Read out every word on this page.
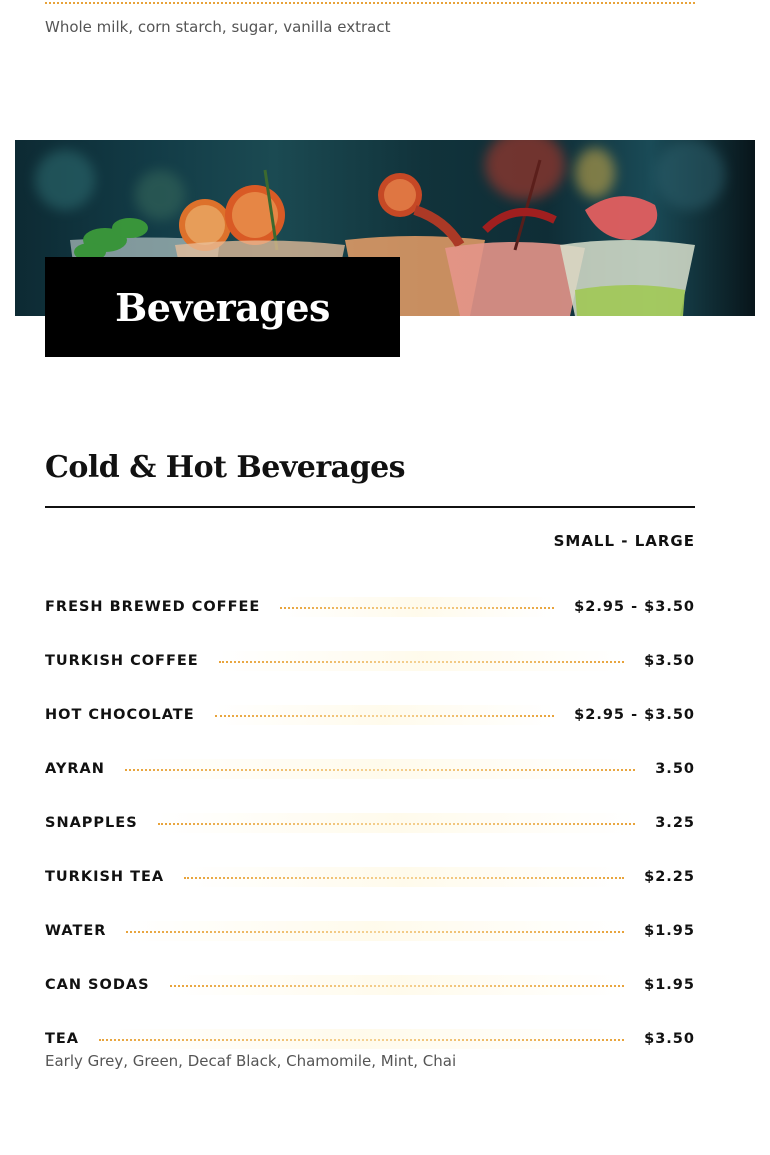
Whole milk, corn starch, sugar, vanilla extract
Beverages
Cold & Hot Beverages
SMALL - LARGE
FRESH BREWED COFFEE	$2.95 - $3.50
TURKISH COFFEE	$3.50
HOT CHOCOLATE	$2.95 - $3.50
AYRAN	3.50
SNAPPLES	3.25
TURKISH TEA	$2.25
WATER	$1.95
CAN SODAS	$1.95
TEA	$3.50
Early Grey, Green, Decaf Black, Chamomile, Mint, Chai
